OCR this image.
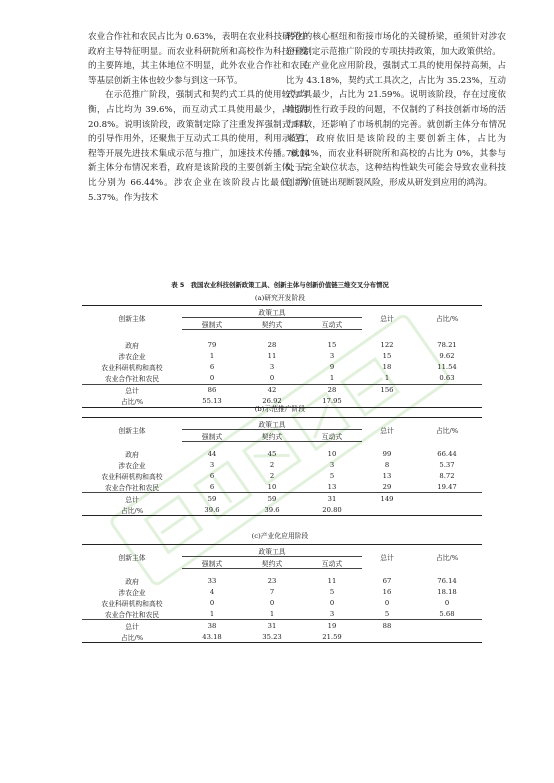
农业合作社和农民占比为 0.63%，表明在农业科技研究中政府主导特征明显。而农业科研院所和高校作为科技开发的主要阵地，其主体地位不明显，此外农业合作社和农民等基层创新主体也较少参与到这一环节。

在示范推广阶段，强制式和契约式工具的使用较为均衡，占比均为 39.6%，而互动式工具使用最少，占比为 20.8%。说明该阶段，政策制定除了注重发挥强制式工具的引导作用外，还聚焦于互动式工具的使用，利用示范工程等开展先进技术集成示范与推广，加速技术传播。就创新主体分布情况来看，政府是该阶段的主要创新主体，占比分别为 66.44%。涉农企业在该阶段占比最低，为 5.37%。作为技术

转化的核心枢纽和衔接市场化的关键桥梁，亟须针对涉农企业制定示范推广阶段的专项扶持政策，加大政策供给。

在产业化应用阶段，强制式工具的使用保持高频，占比为 43.18%，契约式工具次之，占比为 35.23%，互动式工具最少，占比为 21.59%。说明该阶段，存在过度依赖强制性行政手段的问题，不仅制约了科技创新市场的活力释放，还影响了市场机制的完善。就创新主体分布情况来看，政府依旧是该阶段的主要创新主体，占比为 76.14%，而农业科研院所和高校的占比为 0%，其参与处于完全缺位状态，这种结构性缺失可能会导致农业科技创新价值链出现断裂风险，形成从研发到应用的鸿沟。

表 5　我国农业科技创新政策工具、创新主体与创新价值链三维交叉分布情况
(a)研究开发阶段
创新主体	政策工具			总计	占比/%
	强制式	契约式	互动式		

政府	79	28	15	122	78.21
涉农企业	1	11	3	15	9.62
农业科研机构和高校	6	3	9	18	11.54
农业合作社和农民	0	0	1	1	0.63
总计	86	42	28	156	
占比/%	55.13	26.92	17.95		
(b)示范推广阶段
创新主体	政策工具			总计	占比/%
	强制式	契约式	互动式		

政府	44	45	10	99	66.44
涉农企业	3	2	3	8	5.37
农业科研机构和高校	6	2	5	13	8.72
农业合作社和农民	6	10	13	29	19.47
总计	59	59	31	149	
占比/%	39.6	39.6	20.80		
(c)产业化应用阶段
创新主体	政策工具			总计	占比/%
	强制式	契约式	互动式		

政府	33	23	11	67	76.14
涉农企业	4	7	5	16	18.18
农业科研机构和高校	0	0	0	0	0
农业合作社和农民	1	1	3	5	5.68
总计	38	31	19	88	
占比/%	43.18	35.23	21.59		
